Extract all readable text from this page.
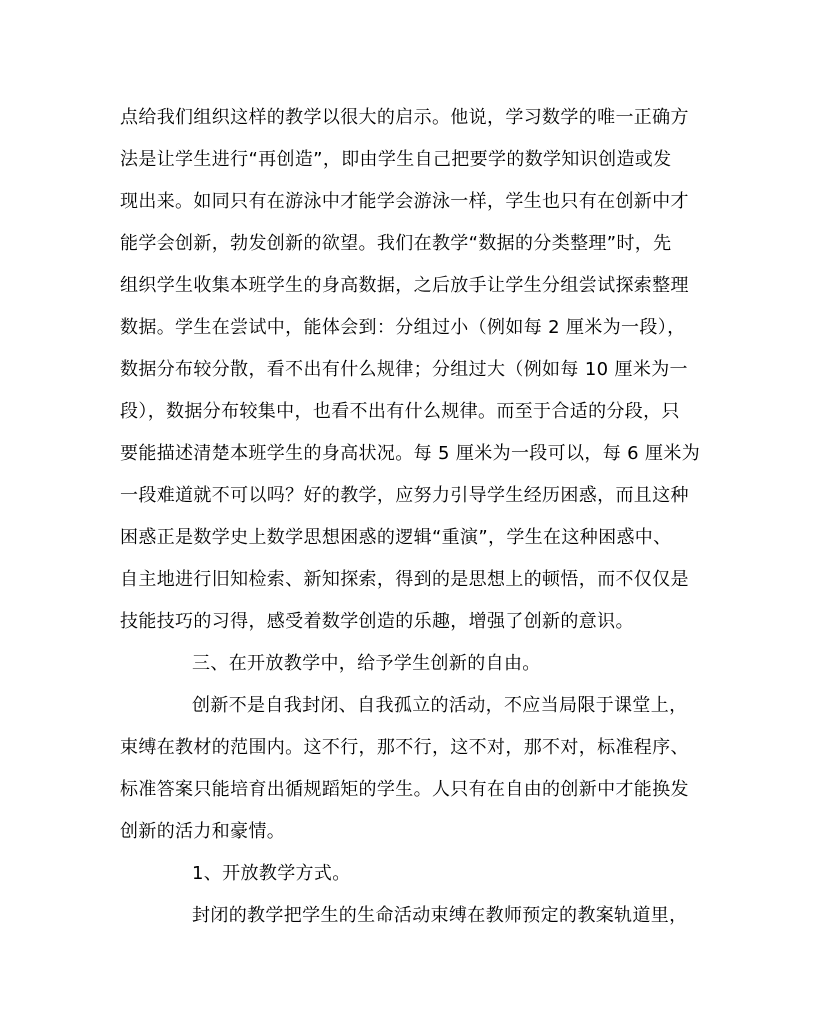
点给我们组织这样的教学以很大的启示。他说，学习数学的唯一正确方
法是让学生进行“再创造”，即由学生自己把要学的数学知识创造或发
现出来。如同只有在游泳中才能学会游泳一样，学生也只有在创新中才
能学会创新，勃发创新的欲望。我们在教学“数据的分类整理”时，先
组织学生收集本班学生的身高数据，之后放手让学生分组尝试探索整理
数据。学生在尝试中，能体会到：分组过小（例如每 2 厘米为一段），
数据分布较分散，看不出有什么规律；分组过大（例如每 10 厘米为一
段），数据分布较集中，也看不出有什么规律。而至于合适的分段，只
要能描述清楚本班学生的身高状况。每 5 厘米为一段可以，每 6 厘米为
一段难道就不可以吗？好的教学，应努力引导学生经历困惑，而且这种
困惑正是数学史上数学思想困惑的逻辑“重演”，学生在这种困惑中、
自主地进行旧知检索、新知探索，得到的是思想上的顿悟，而不仅仅是
技能技巧的习得，感受着数学创造的乐趣，增强了创新的意识。
三、在开放教学中，给予学生创新的自由。
创新不是自我封闭、自我孤立的活动，不应当局限于课堂上，
束缚在教材的范围内。这不行，那不行，这不对，那不对，标准程序、
标准答案只能培育出循规蹈矩的学生。人只有在自由的创新中才能换发
创新的活力和豪情。
1、开放教学方式。
封闭的教学把学生的生命活动束缚在教师预定的教案轨道里，
